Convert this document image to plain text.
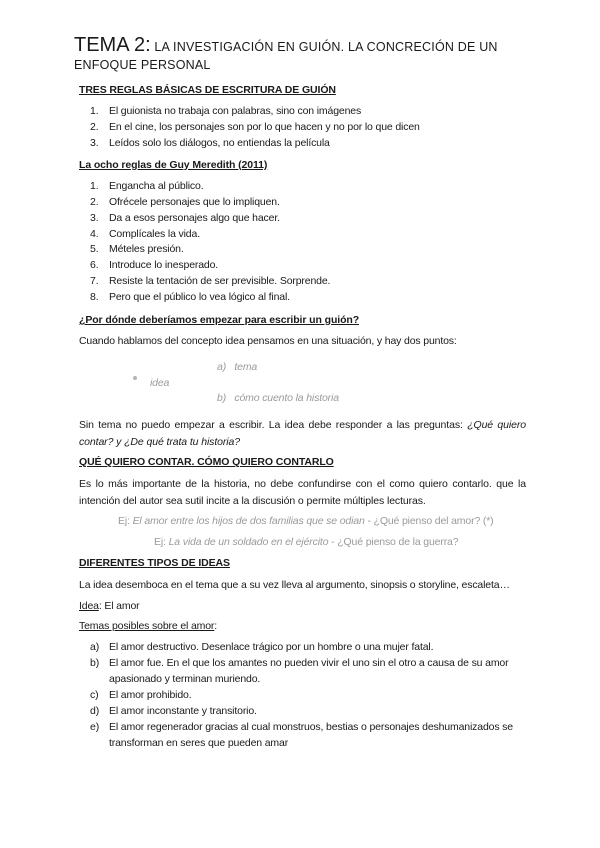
TEMA 2: LA INVESTIGACIÓN EN GUIÓN. LA CONCRECIÓN DE UN ENFOQUE PERSONAL
TRES REGLAS BÁSICAS DE ESCRITURA DE GUIÓN
1. El guionista no trabaja con palabras, sino con imágenes
2. En el cine, los personajes son por lo que hacen y no por lo que dicen
3. Leídos solo los diálogos, no entiendas la película
La ocho reglas de Guy Meredith (2011)
1. Engancha al público.
2. Ofrécele personajes que lo impliquen.
3. Da a esos personajes algo que hacer.
4. Complícales la vida.
5. Mételes presión.
6. Introduce lo inesperado.
7. Resiste la tentación de ser previsible. Sorprende.
8. Pero que el público lo vea lógico al final.
¿Por dónde deberíamos empezar para escribir un guión?
Cuando hablamos del concepto idea pensamos en una situación, y hay dos puntos:
a) tema
idea
b) cómo cuento la historia
Sin tema no puedo empezar a escribir. La idea debe responder a las preguntas: ¿Qué quiero contar? y ¿De qué trata tu historia?
QUÉ QUIERO CONTAR. CÓMO QUIERO CONTARLO
Es lo más importante de la historia, no debe confundirse con el como quiero contarlo. que la intención del autor sea sutil incite a la discusión o permite múltiples lecturas.
Ej: El amor entre los hijos de dos familias que se odian - ¿Qué pienso del amor? (*)
Ej: La vida de un soldado en el ejército - ¿Qué pienso de la guerra?
DIFERENTES TIPOS DE IDEAS
La idea desemboca en el tema que a su vez lleva al argumento, sinopsis o storyline, escaleta…
Idea: El amor
Temas posibles sobre el amor:
a) El amor destructivo. Desenlace trágico por un hombre o una mujer fatal.
b) El amor fue. En el que los amantes no pueden vivir el uno sin el otro a causa de su amor
apasionado y terminan muriendo.
c) El amor prohibido.
d) El amor inconstante y transitorio.
e) El amor regenerador gracias al cual monstruos, bestias o personajes deshumanizados se
transforman en seres que pueden amar
